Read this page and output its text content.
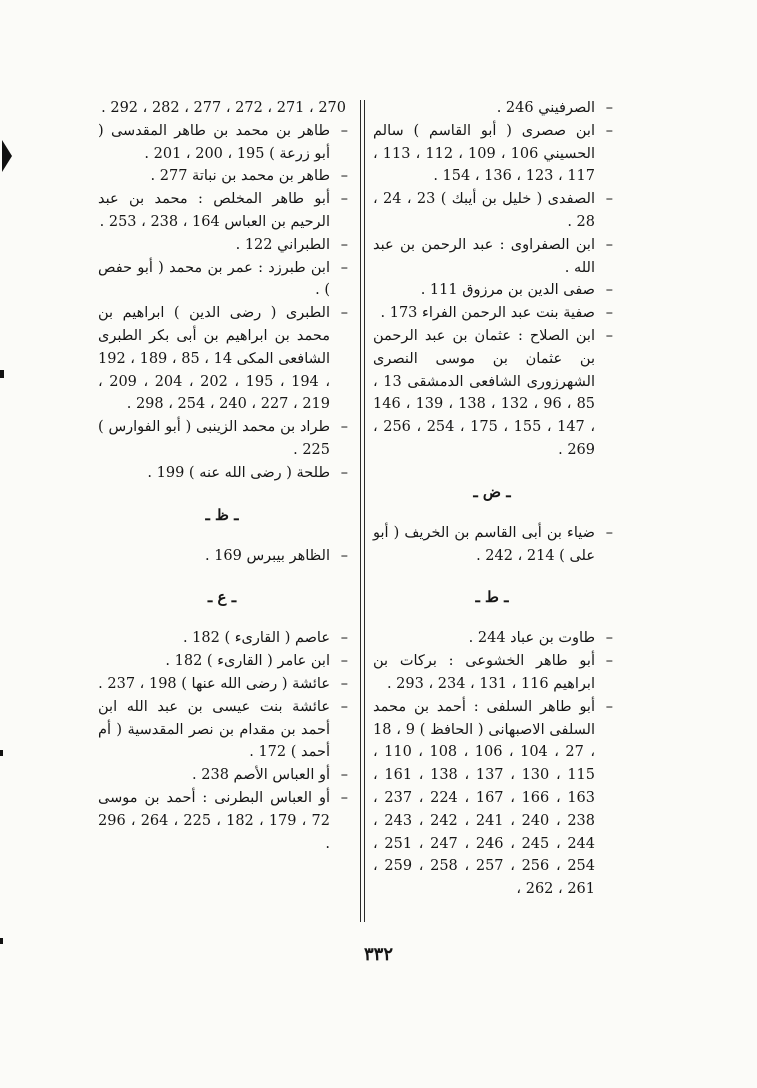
– الصرفيني 246 .
– ابن صصرى ( أبو القاسم ) سالم الحسيني 106 ، 109 ، 112 ، 113 ، 117 ، 123 ، 136 ، 154 .
– الصفدى ( خليل بن أيبك ) 23 ، 24 ، 28 .
– ابن الصفراوى : عبد الرحمن بن عبد الله .
– صفى الدين بن مرزوق 111 .
– صفية بنت عبد الرحمن الفراء 173 .
– ابن الصلاح : عثمان بن عبد الرحمن بن عثمان بن موسى النصرى الشهرزورى الشافعى الدمشقى 13 ، 85 ، 96 ، 132 ، 138 ، 139 ، 146 ، 147 ، 155 ، 175 ، 254 ، 256 ، 269 .
ـ ض ـ
– ضياء بن أبى القاسم بن الخريف ( أبو على ) 214 ، 242 .
ـ ط ـ
– طاوت بن عباد 244 .
– أبو طاهر الخشوعى : بركات بن ابراهيم 116 ، 131 ، 234 ، 293 .
– أبو طاهر السلفى : أحمد بن محمد السلفى الاصبهانى ( الحافظ ) 9 ، 18 ، 27 ، 104 ، 106 ، 108 ، 110 ، 115 ، 130 ، 137 ، 138 ، 161 ، 163 ، 166 ، 167 ، 224 ، 237 ، 238 ، 240 ، 241 ، 242 ، 243 ، 244 ، 245 ، 246 ، 247 ، 251 ، 254 ، 256 ، 257 ، 258 ، 259 ، 261 ، 262 ،
270 ، 271 ، 272 ، 277 ، 282 ، 292 .
– طاهر بن محمد بن طاهر المقدسى ( أبو زرعة ) 195 ، 200 ، 201 .
– طاهر بن محمد بن نباتة 277 .
– أبو طاهر المخلص : محمد بن عبد الرحيم بن العباس 164 ، 238 ، 253 .
– الطبراني 122 .
– ابن طبرزد : عمر بن محمد ( أبو حفص ) .
– الطبرى ( رضى الدين ) ابراهيم بن محمد بن ابراهيم بن أبى بكر الطبرى الشافعى المكى 14 ، 85 ، 189 ، 192 ، 194 ، 195 ، 202 ، 204 ، 209 ، 219 ، 227 ، 240 ، 254 ، 298 .
– طراد بن محمد الزينبى ( أبو الفوارس ) 225 .
– طلحة ( رضى الله عنه ) 199 .
ـ ظ ـ
– الظاهر بيبرس 169 .
ـ ع ـ
– عاصم ( القارىء ) 182 .
– ابن عامر ( القارىء ) 182 .
– عائشة ( رضى الله عنها ) 198 ، 237 .
– عائشة بنت عيسى بن عبد الله ابن أحمد بن مقدام بن نصر المقدسية ( أم أحمد ) 172 .
– أو العباس الأصم 238 .
– أو العباس البطرنى : أحمد بن موسى 72 ، 179 ، 182 ، 225 ، 264 ، 296 .
٣٣٢
